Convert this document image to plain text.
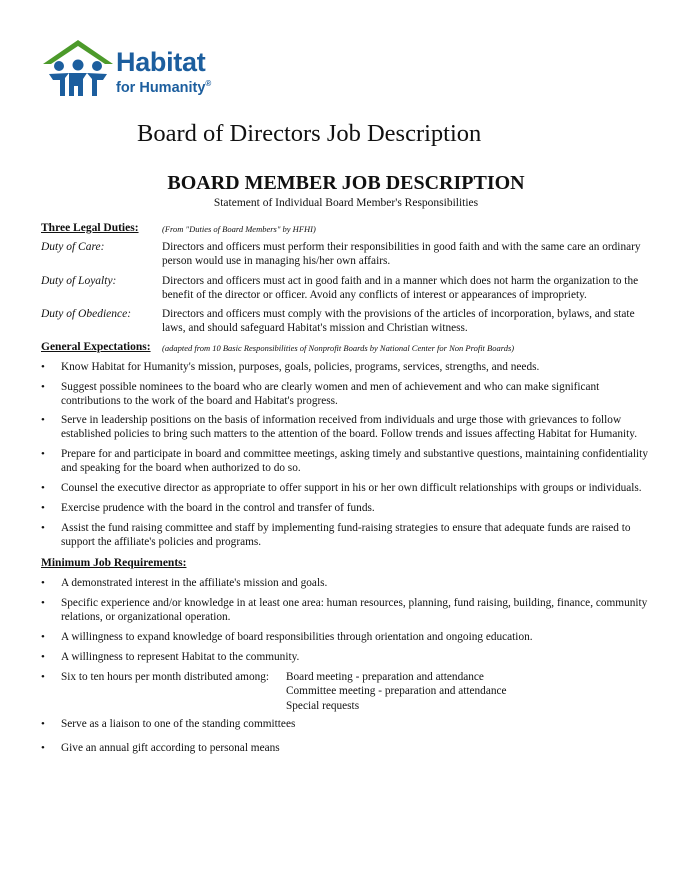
Habitat
for Humanity®
Board of Directors Job Description
BOARD MEMBER JOB DESCRIPTION
Statement of Individual Board Member's Responsibilities
Three Legal Duties:	(From "Duties of Board Members" by HFHI)
Duty of Care:	Directors and officers must perform their responsibilities in good faith and with the same care an ordinary person would use in managing his/her own affairs.
Duty of Loyalty:	Directors and officers must act in good faith and in a manner which does not harm the organization to the benefit of the director or officer. Avoid any conflicts of interest or appearances of impropriety.
Duty of Obedience:	Directors and officers must comply with the provisions of the articles of incorporation, bylaws, and state laws, and should safeguard Habitat's mission and Christian witness.
General Expectations: (adapted from 10 Basic Responsibilities of Nonprofit Boards by National Center for Non Profit Boards)
•	Know Habitat for Humanity's mission, purposes, goals, policies, programs, services, strengths, and needs.
•	Suggest possible nominees to the board who are clearly women and men of achievement and who can make significant contributions to the work of the board and Habitat's progress.
•	Serve in leadership positions on the basis of information received from individuals and urge those with grievances to follow established policies to bring such matters to the attention of the board. Follow trends and issues affecting Habitat for Humanity.
•	Prepare for and participate in board and committee meetings, asking timely and substantive questions, maintaining confidentiality and speaking for the board when authorized to do so.
•	Counsel the executive director as appropriate to offer support in his or her own difficult relationships with groups or individuals.
•	Exercise prudence with the board in the control and transfer of funds.
•	Assist the fund raising committee and staff by implementing fund-raising strategies to ensure that adequate funds are raised to support the affiliate's policies and programs.
Minimum Job Requirements:
•	A demonstrated interest in the affiliate's mission and goals.
•	Specific experience and/or knowledge in at least one area: human resources, planning, fund raising, building, finance, community relations, or organizational operation.
•	A willingness to expand knowledge of board responsibilities through orientation and ongoing education.
•	A willingness to represent Habitat to the community.
•	Six to ten hours per month distributed among: Board meeting - preparation and attendance
Committee meeting - preparation and attendance
Special requests
•	Serve as a liaison to one of the standing committees
•	Give an annual gift according to personal means
